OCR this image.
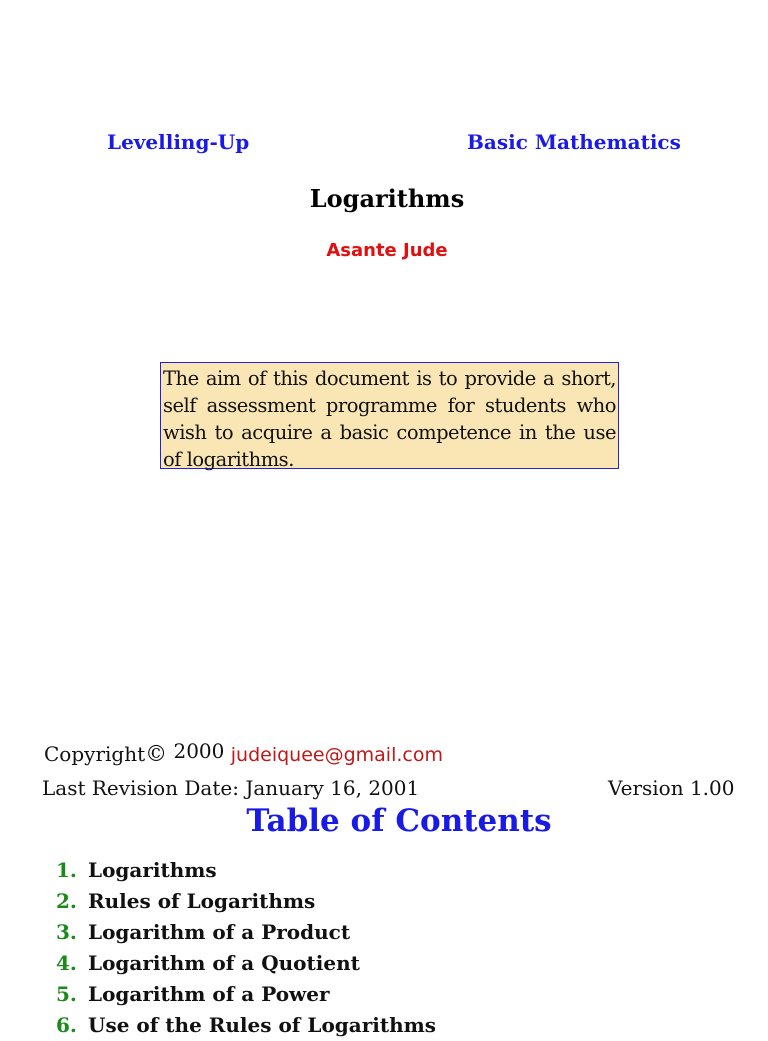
Levelling-Up	Basic Mathematics
Logarithms
Asante Jude
The aim of this document is to provide a short, self assessment programme for students who wish to acquire a basic competence in the use of logarithms.
Copyright© 2000 judeiquee@gmail.com
Last Revision Date: January 16, 2001	Version 1.00
Table of Contents
1. Logarithms
2. Rules of Logarithms
3. Logarithm of a Product
4. Logarithm of a Quotient
5. Logarithm of a Power
6. Use of the Rules of Logarithms
